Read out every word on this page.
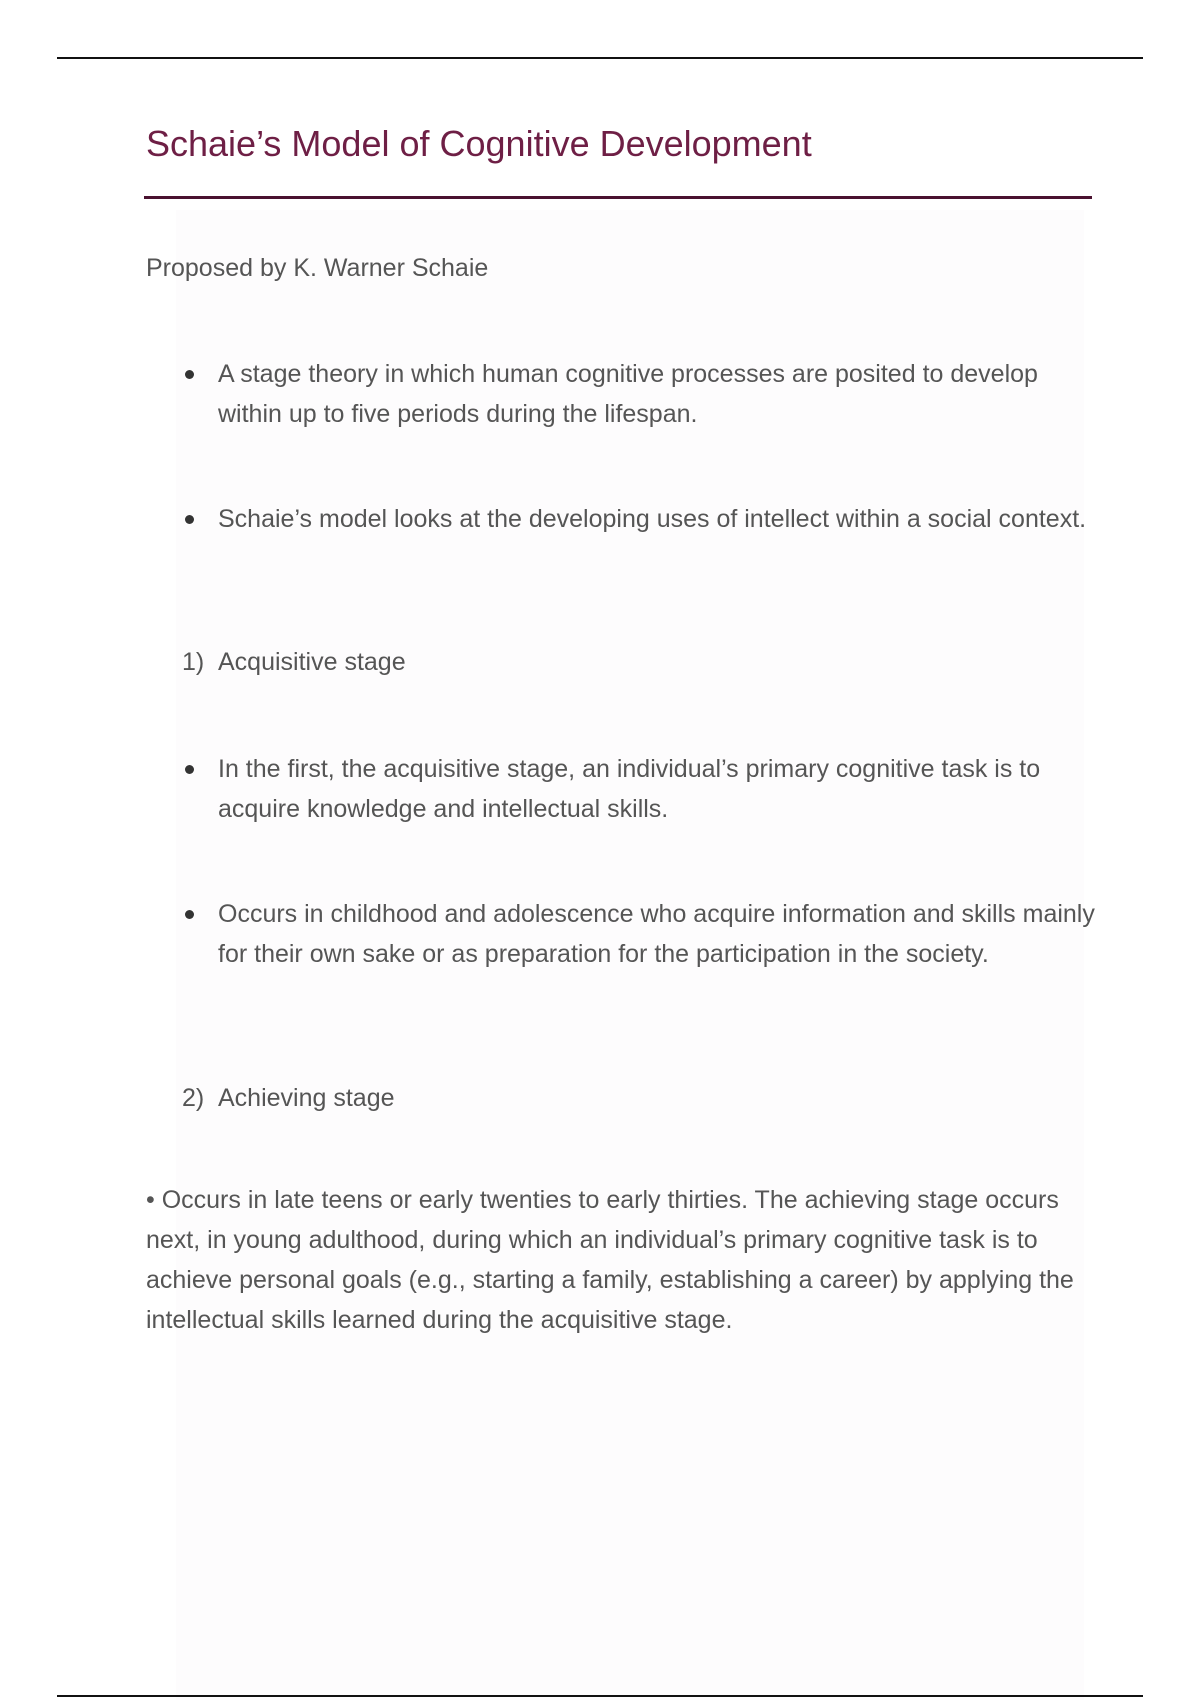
Schaie’s Model of Cognitive Development

Proposed by K. Warner Schaie

A stage theory in which human cognitive processes are posited to develop within up to five periods during the lifespan.
Schaie’s model looks at the developing uses of intellect within a social context.
1) Acquisitive stage
In the first, the acquisitive stage, an individual’s primary cognitive task is to acquire knowledge and intellectual skills.
Occurs in childhood and adolescence who acquire information and skills mainly for their own sake or as preparation for the participation in the society.
2) Achieving stage

• Occurs in late teens or early twenties to early thirties. The achieving stage occurs next, in young adulthood, during which an individual’s primary cognitive task is to achieve personal goals (e.g., starting a family, establishing a career) by applying the intellectual skills learned during the acquisitive stage.
